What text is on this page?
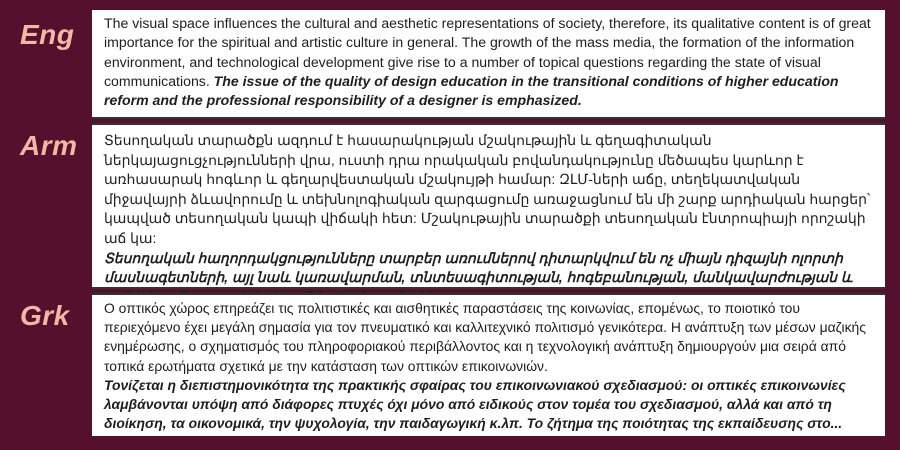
Eng	The visual space influences the cultural and aesthetic representations of society, therefore, its qualitative content is of great importance for the spiritual and artistic culture in general. The growth of the mass media, the formation of the information environment, and technological development give rise to a number of topical questions regarding the state of visual communications. The issue of the quality of design education in the transitional conditions of higher education reform and the professional responsibility of a designer is emphasized.

Arm Տեսողական տարածքն ազդում է հասարակության մշակութային և գեղագիտական ներկայացուցչությունների վրա, ուստի դրա որակական բովանդակությունը մեծապես կարևոր է առհասարակ հոգևոր և գեղարվեստական մշակույթի համար: ԶԼՄ-ների աճը, տեղեկատվական միջավայրի ձևավորումը և տեխնոլոգիական զարգացումը առաջացնում են մի շարք արդիական հարցեր՝ կապված տեսողական կապի վիճակի հետ: Մշակութային տարածքի տեսողական էնտրոպիայի որոշակի աճ կա:

Տեսողական հաղորդակցությունները տարբեր առումներով դիտարկվում են ոչ միայն դիզայնի ոլորտի մասնագետների, այլ նաև կառավարման, տնտեսագիտության, հոգեբանության, մանկավարժության և

Grk	Ο οπτικός χώρος επηρεάζει τις πολιτιστικές και αισθητικές παραστάσεις της κοινωνίας, επομένως, το ποιοτικό του περιεχόμενο έχει μεγάλη σημασία για τον πνευματικό και καλλιτεχνικό πολιτισμό γενικότερα. Η ανάπτυξη των μέσων μαζικής ενημέρωσης, ο σχηματισμός του πληροφοριακού περιβάλλοντος και η τεχνολογική ανάπτυξη δημιουργούν μια σειρά από τοπικά ερωτήματα σχετικά με την κατάσταση των οπτικών επικοινωνιών.

Τονίζεται η διεπιστημονικότητα της πρακτικής σφαίρας του επικοινωνιακού σχεδιασμού: οι οπτικές επικοινωνίες λαμβάνονται υπόψη από διάφορες πτυχές όχι μόνο από ειδικούς στον τομέα του σχεδιασμού, αλλά και από τη διοίκηση, τα οικονομικά, την ψυχολογία, την παιδαγωγική κ.λπ. Το ζήτημα της ποιότητας της εκπαίδευσης στο...
